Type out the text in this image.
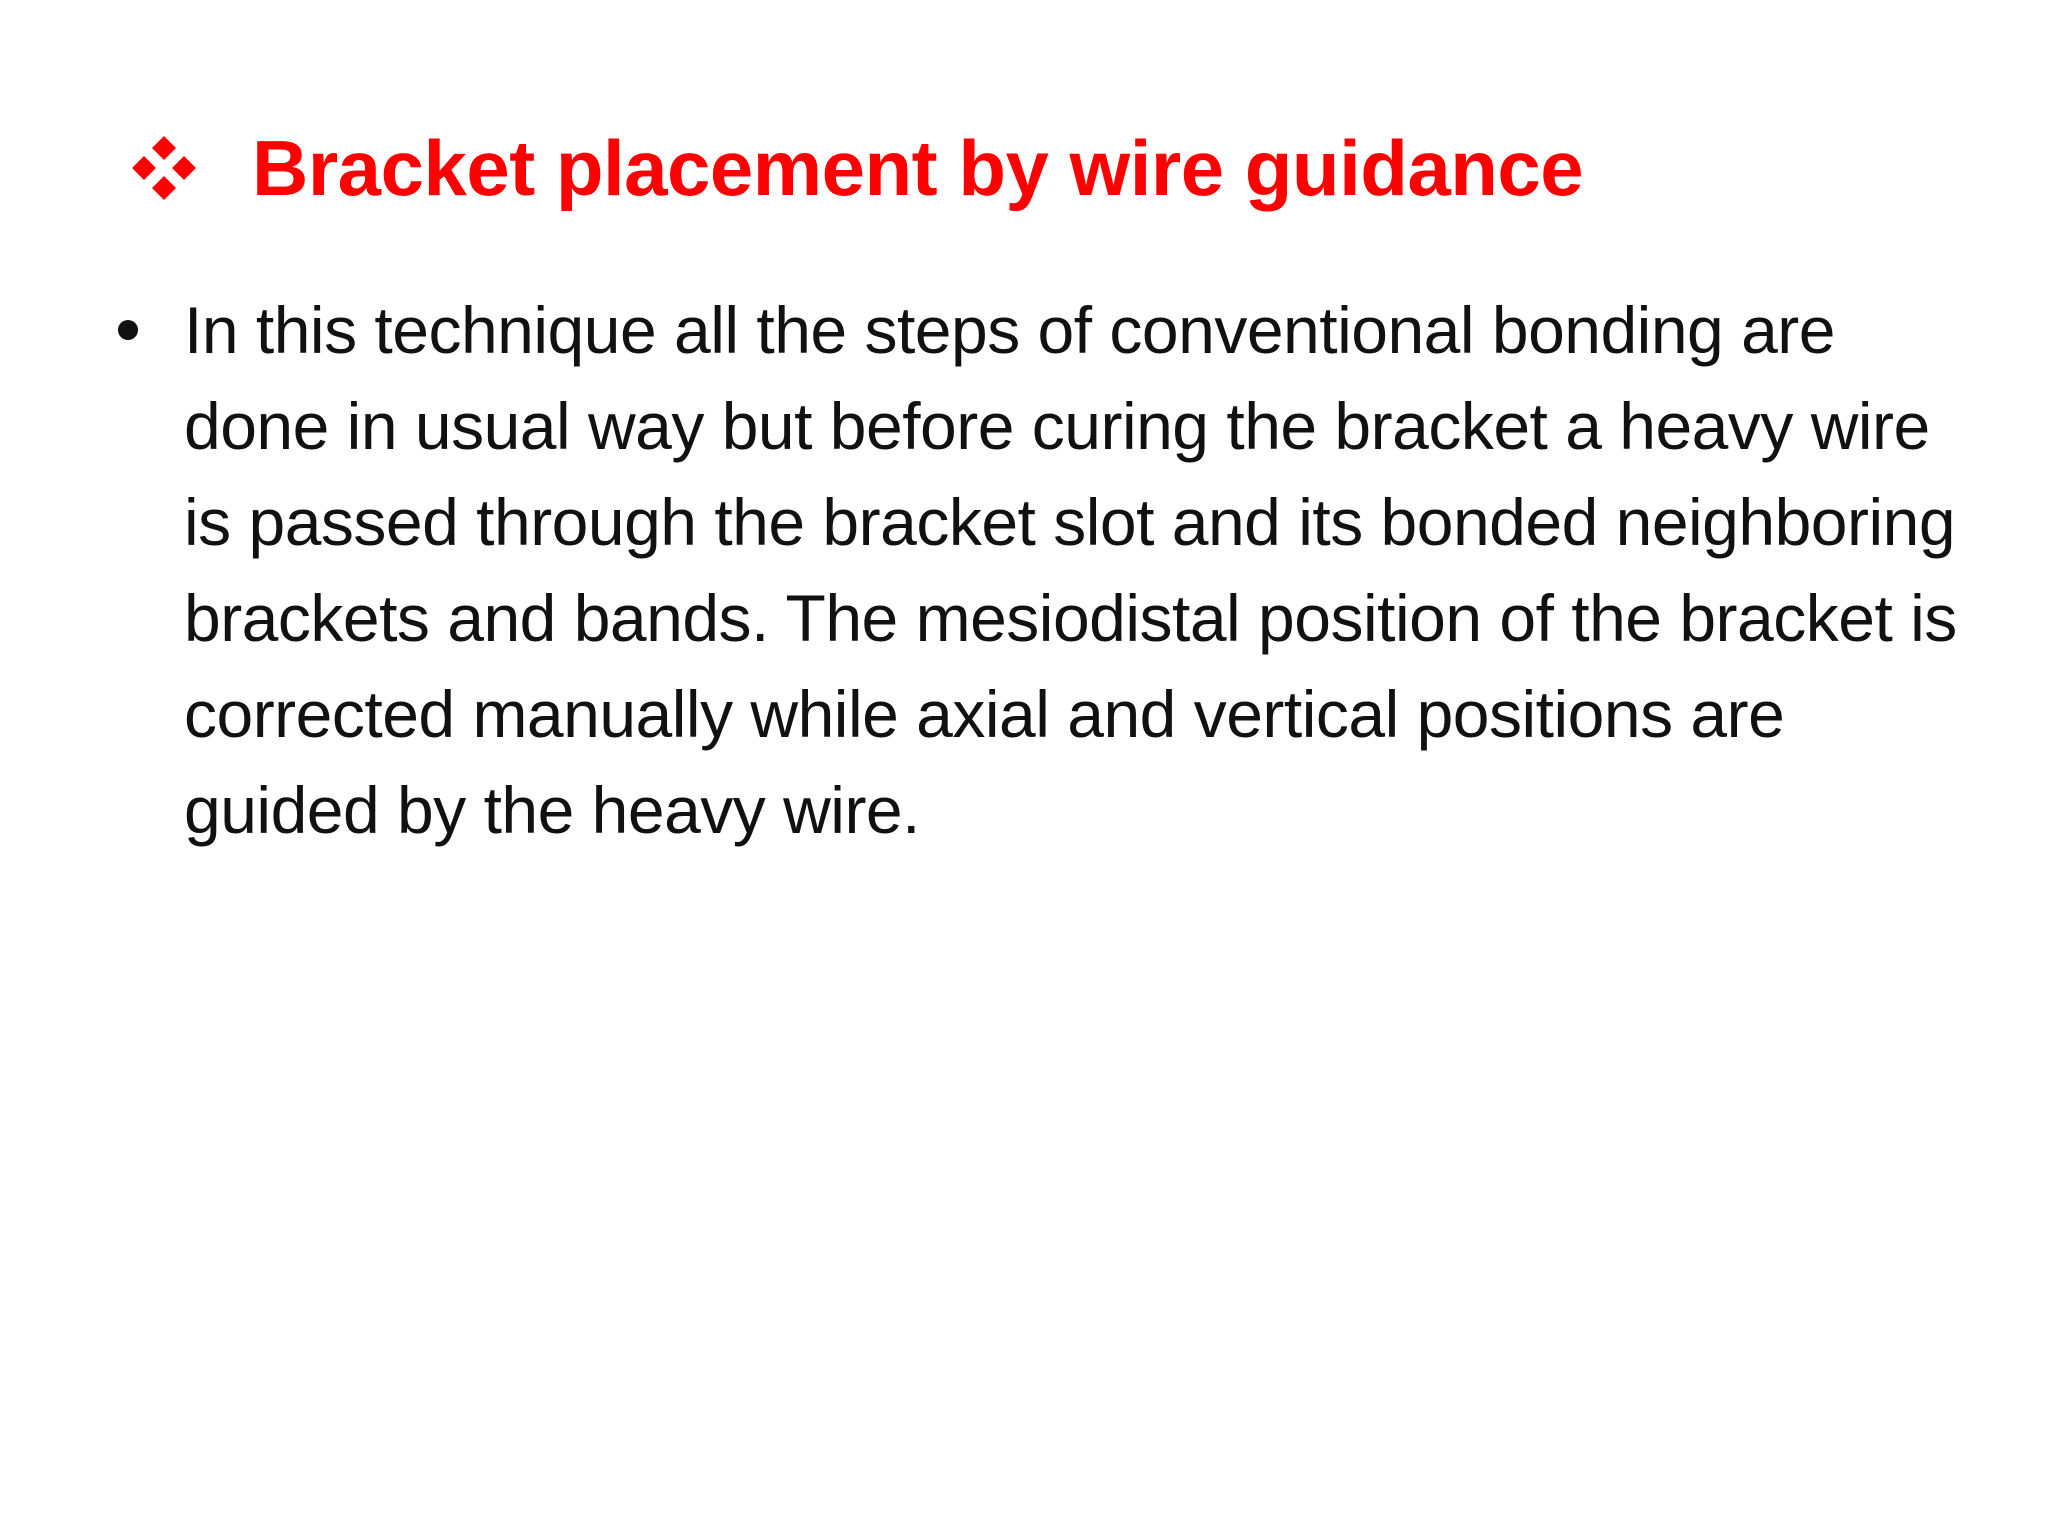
Bracket placement by wire guidance
In this technique all the steps of conventional bonding are done in usual way but before curing the bracket a heavy wire is passed through the bracket slot and its bonded neighboring brackets and bands. The mesiodistal position of the bracket is corrected manually while axial and vertical positions are guided by the heavy wire.
